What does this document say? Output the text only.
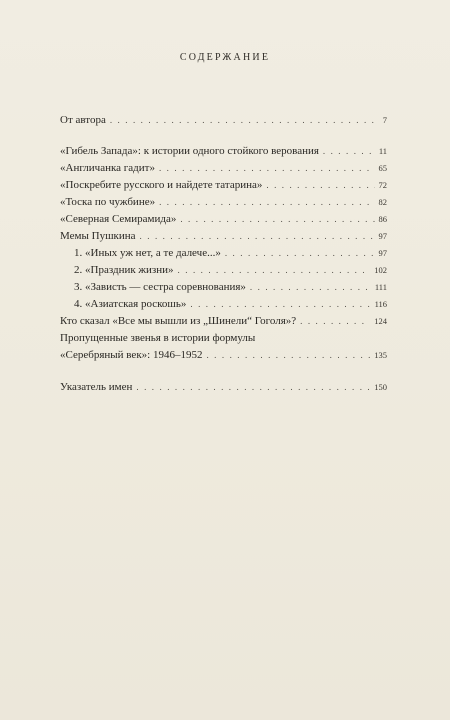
СОДЕРЖАНИЕ
От автора . . .	7
«Гибель Запада»: к истории одного стойкого верования . . .	11
«Англичанка гадит» . . .	65
«Поскребите русского и найдете татарина» . . .	72
«Тоска по чужбине» . . .	82
«Северная Семирамида» . . .	86
Мемы Пушкина . . .	97
1. «Иных уж нет, а те далече...» . . .	97
2. «Праздник жизни» . . .	102
3. «Зависть — сестра соревнования» . . .	111
4. «Азиатская роскошь» . . .	116
Кто сказал «Все мы вышли из „Шинели“ Гоголя»? . . .	124
Пропущенные звенья в истории формулы
«Серебряный век»: 1946–1952 . . .	135
Указатель имен . . .	150
